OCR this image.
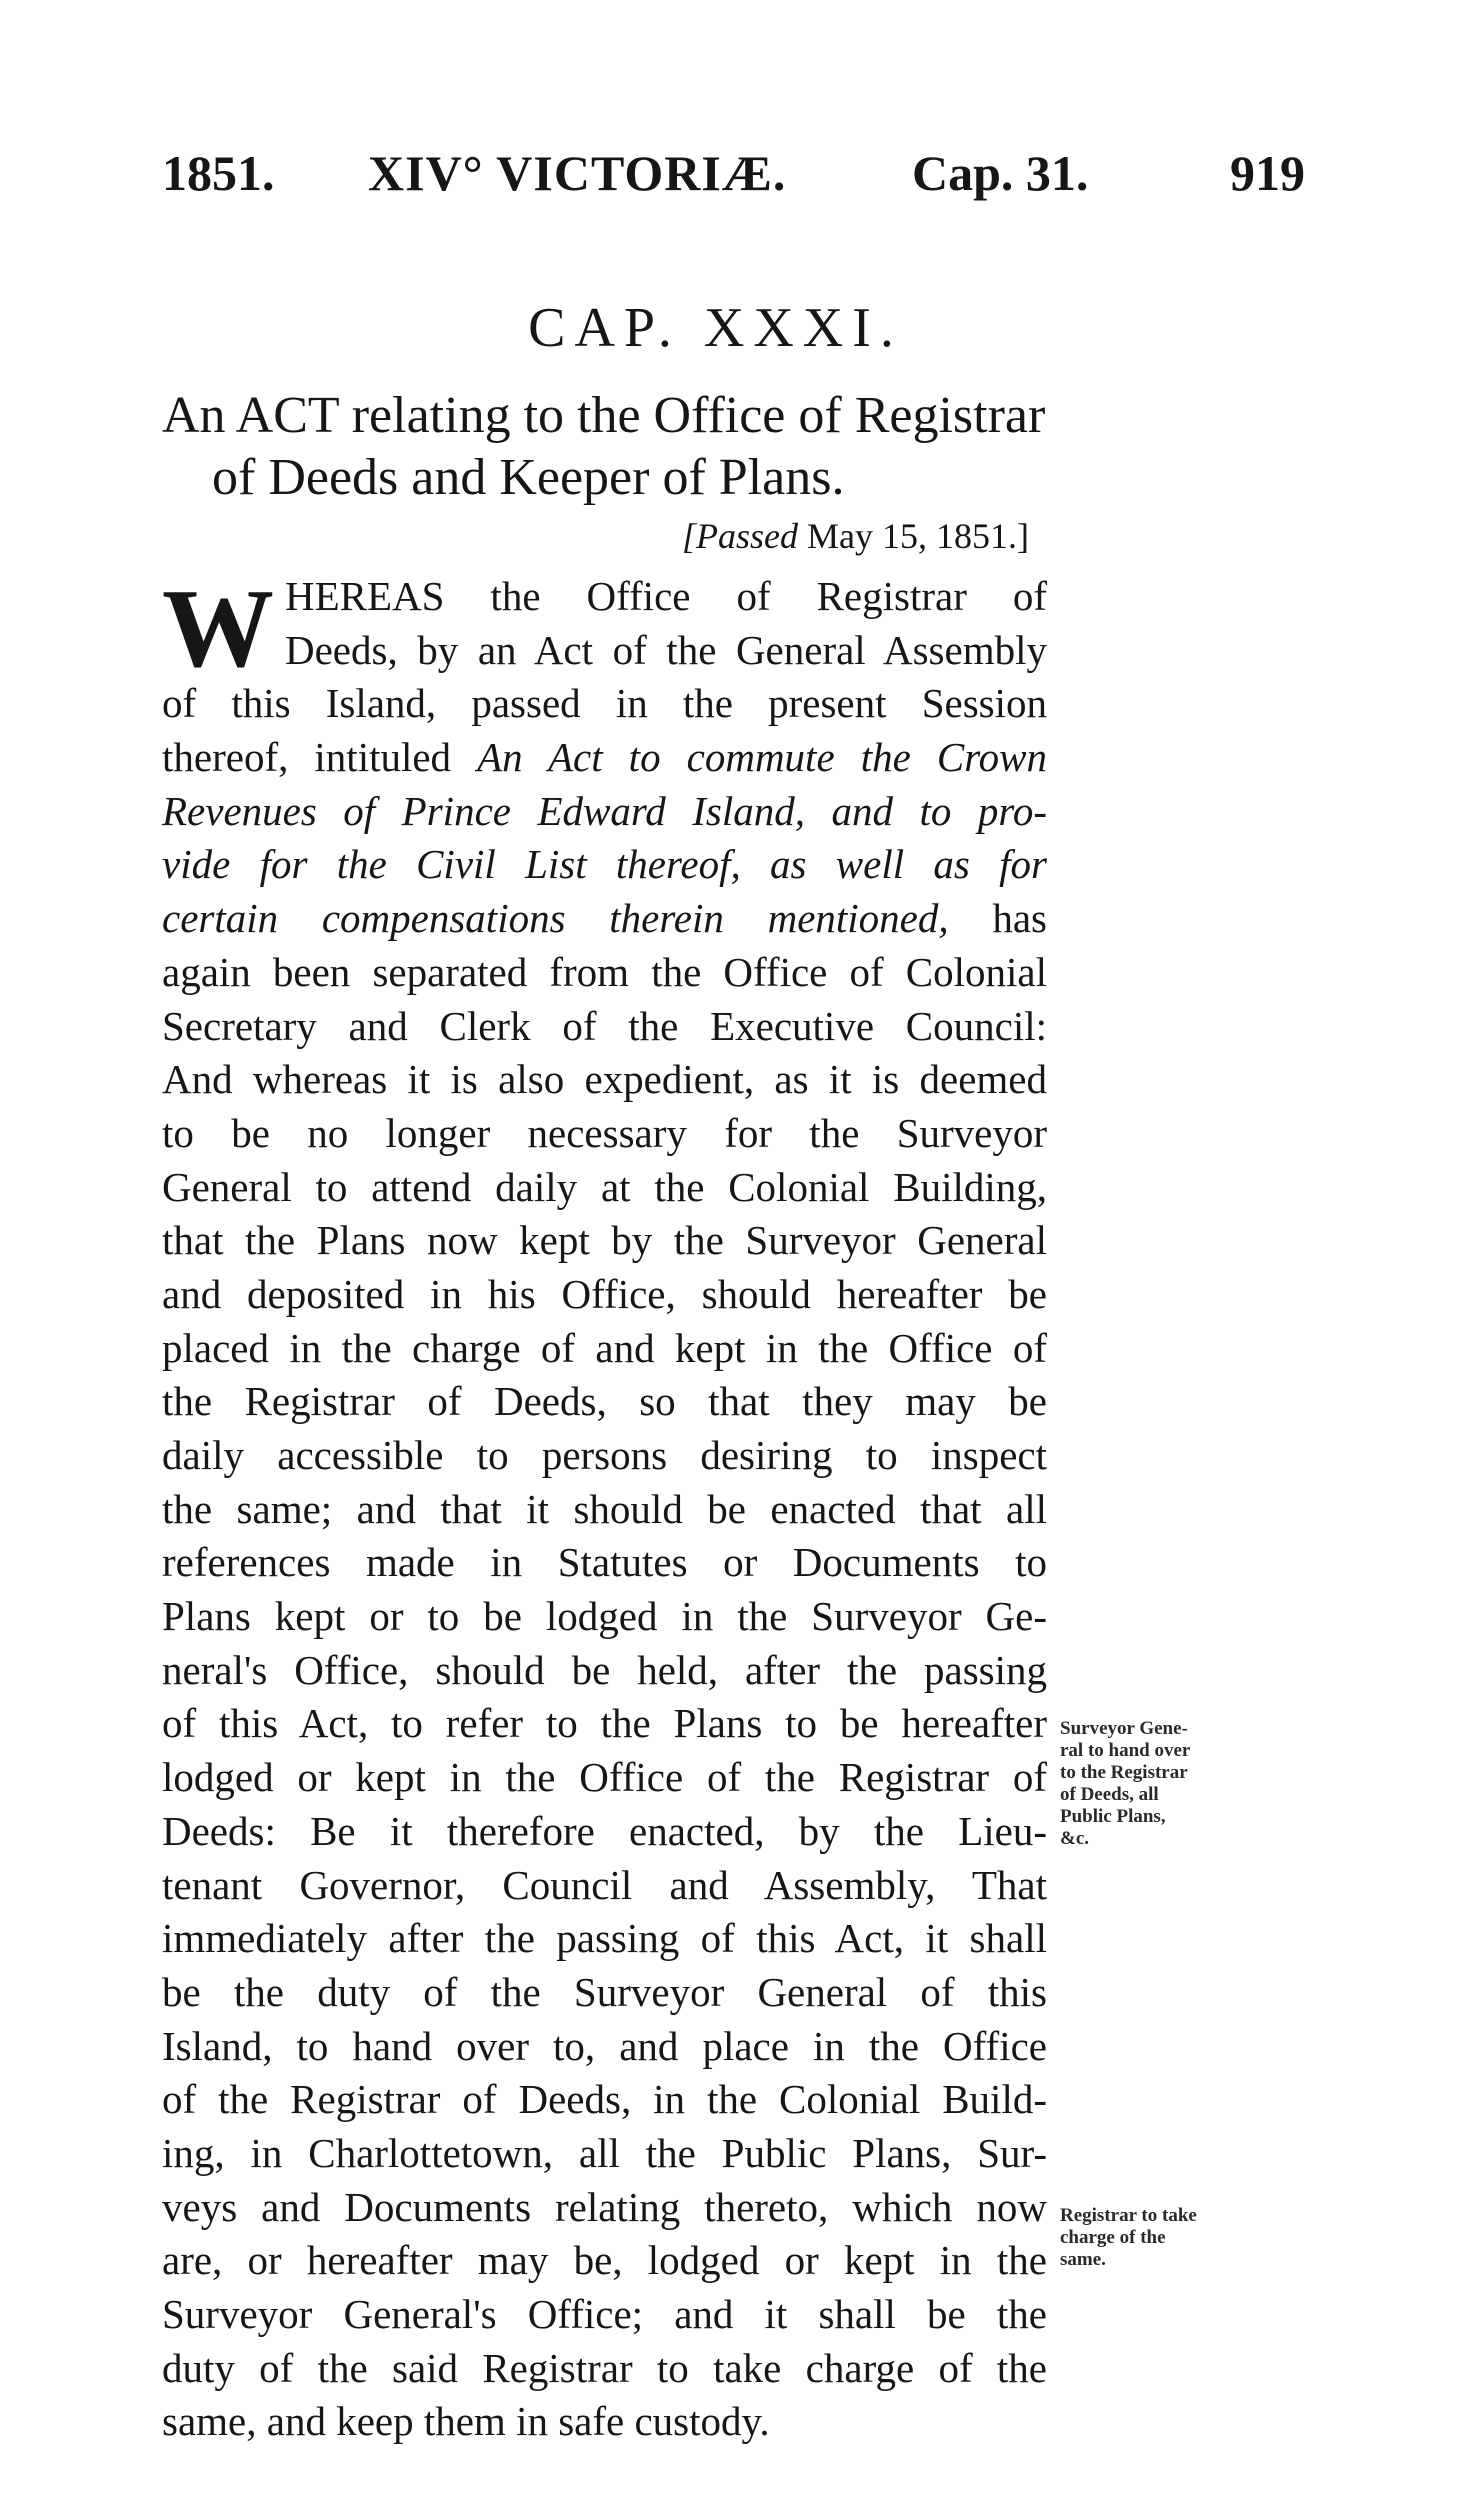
1851. XIV° VICTORIÆ.	Cap. 31.	919
CAP. XXXI.
An ACT relating to the Office of Registrar
of Deeds and Keeper of Plans.
[Passed May 15, 1851.]
W HEREAS the Office of Registrar of
Deeds, by an Act of the General Assembly
of this Island, passed in the present Session
thereof, intituled An Act to commute the Crown
Revenues of Prince Edward Island, and to pro-
vide for the Civil List thereof, as well as for
certain compensations therein mentioned, has
again been separated from the Office of Colonial
Secretary and Clerk of the Executive Council:
And whereas it is also expedient, as it is deemed
to be no longer necessary for the Surveyor
General to attend daily at the Colonial Building,
that the Plans now kept by the Surveyor General
and deposited in his Office, should hereafter be
placed in the charge of and kept in the Office of
the Registrar of Deeds, so that they may be
daily accessible to persons desiring to inspect
the same; and that it should be enacted that all
references made in Statutes or Documents to
Plans kept or to be lodged in the Surveyor Ge-
neral's Office, should be held, after the passing
of this Act, to refer to the Plans to be hereafter
lodged or kept in the Office of the Registrar of
Deeds: Be it therefore enacted, by the Lieu-
tenant Governor, Council and Assembly, That
immediately after the passing of this Act, it shall
be the duty of the Surveyor General of this
Island, to hand over to, and place in the Office
of the Registrar of Deeds, in the Colonial Build-
ing, in Charlottetown, all the Public Plans, Sur-
veys and Documents relating thereto, which now
are, or hereafter may be, lodged or kept in the
Surveyor General's Office; and it shall be the
duty of the said Registrar to take charge of the
same, and keep them in safe custody.
Surveyor Gene-
ral to hand over
to the Registrar
of Deeds, all
Public Plans,
&c.
Registrar to take
charge of the
same.
